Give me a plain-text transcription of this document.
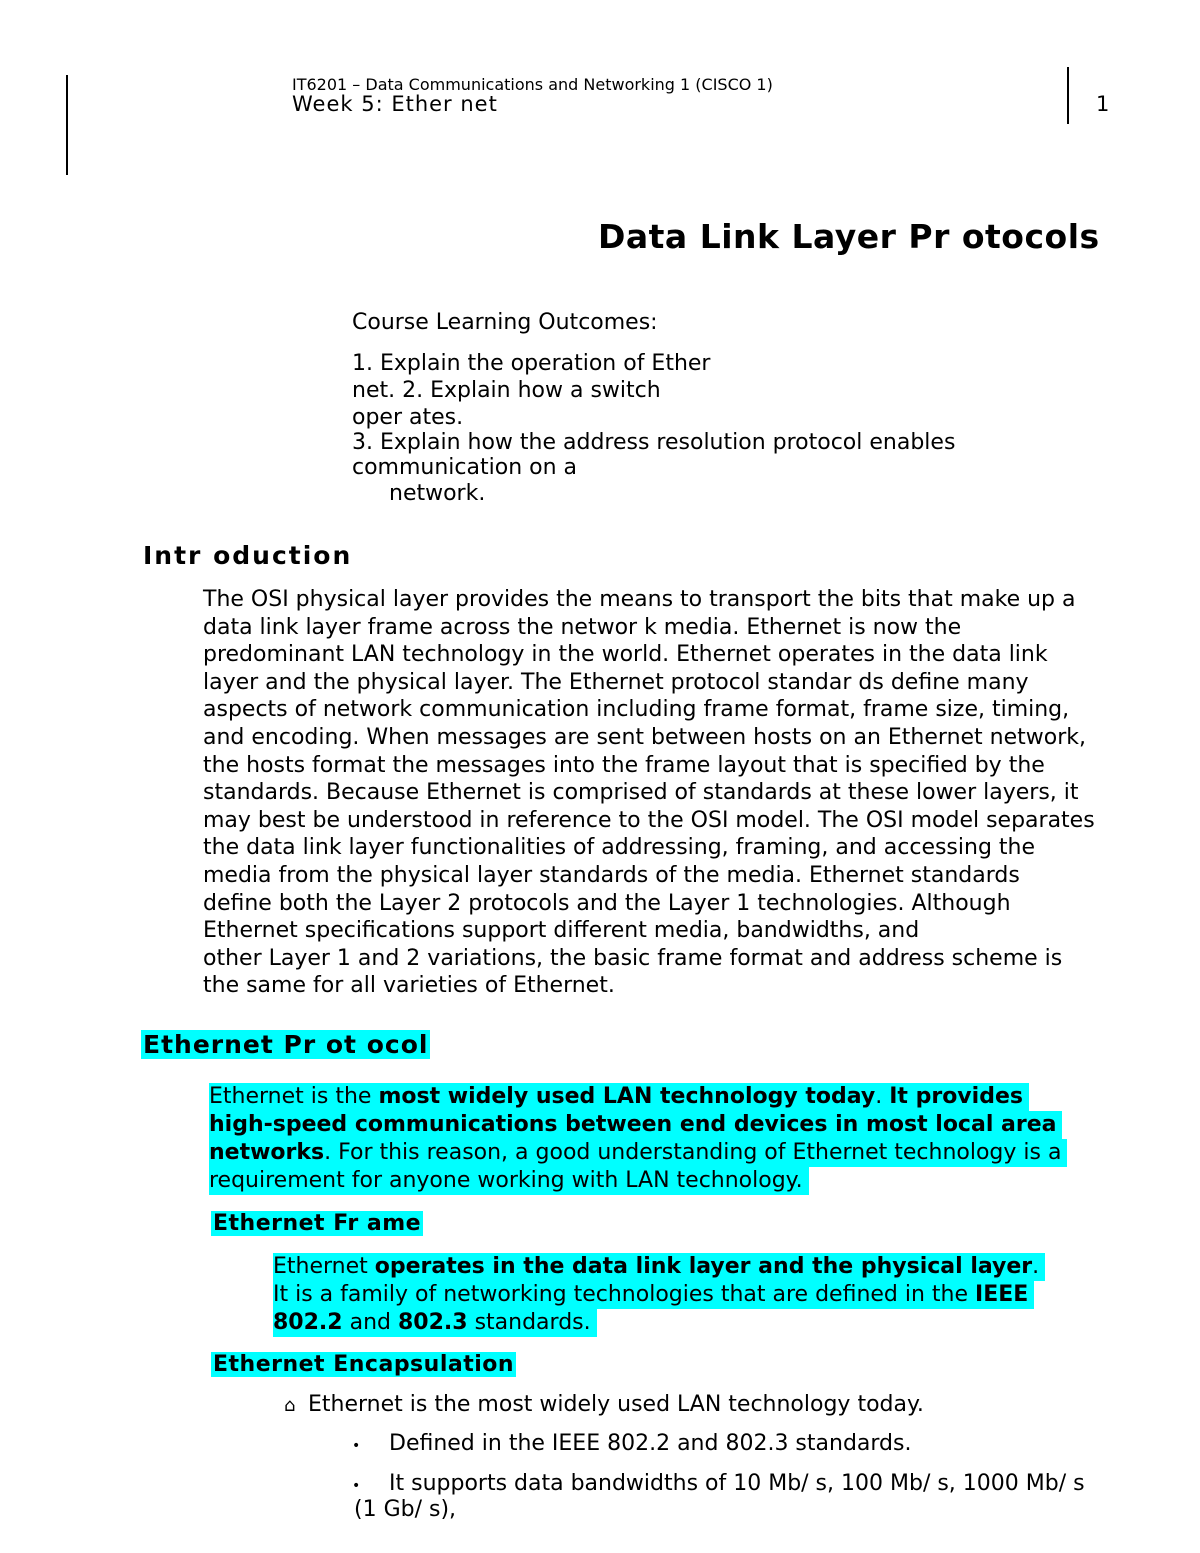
IT6201 – Data Communications and Networking 1 (CISCO 1)
Week 5: Ether net	1
Data Link Layer Pr otocols
Course Learning Outcomes:
1. Explain the operation of Ether
net. 2. Explain how a switch
oper ates.
3. Explain how the address resolution protocol enables
communication on a
network.
Intr oduction
The OSI physical layer provides the means to transport the bits that make up a
data link layer frame across the networ k media. Ethernet is now the
predominant LAN technology in the world. Ethernet operates in the data link
layer and the physical layer. The Ethernet protocol standar ds define many
aspects of network communication including frame format, frame size, timing,
and encoding. When messages are sent between hosts on an Ethernet network,
the hosts format the messages into the frame layout that is specified by the
standards. Because Ethernet is comprised of standards at these lower layers, it
may best be understood in reference to the OSI model. The OSI model separates
the data link layer functionalities of addressing, framing, and accessing the
media from the physical layer standards of the media. Ethernet standards
define both the Layer 2 protocols and the Layer 1 technologies. Although
Ethernet specifications support different media, bandwidths, and
other Layer 1 and 2 variations, the basic frame format and address scheme is
the same for all varieties of Ethernet.
Ethernet Pr ot ocol
Ethernet is the most widely used LAN technology today. It provides
high-speed communications between end devices in most local area
networks. For this reason, a good understanding of Ethernet technology is a
requirement for anyone working with LAN technology.
Ethernet Fr ame
Ethernet operates in the data link layer and the physical layer.
It is a family of networking technologies that are defined in the IEEE
802.2 and 802.3 standards.
Ethernet Encapsulation
⌂ Ethernet is the most widely used LAN technology today.
• Defined in the IEEE 802.2 and 802.3 standards.
• It supports data bandwidths of 10 Mb/ s, 100 Mb/ s, 1000 Mb/ s
(1 Gb/ s),
